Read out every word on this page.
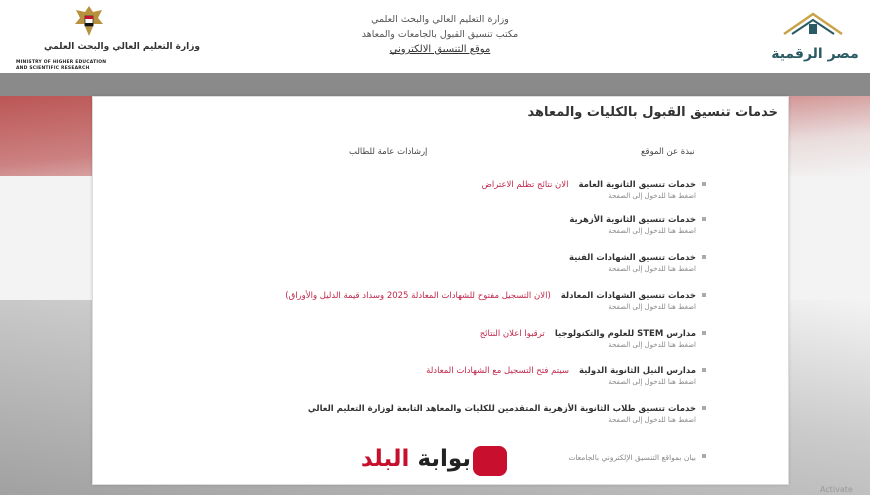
مصر الرقمية
وزارة التعليم العالي والبحث العلمي
مكتب تنسيق القبول بالجامعات والمعاهد
موقع التنسيق الالكتروني
وزارة التعليم العالي والبحث العلمي
MINISTRY OF HIGHER EDUCATION
AND SCIENTIFIC RESEARCH
خدمات تنسيق القبول بالكليات والمعاهد
نبذة عن الموقع
إرشادات عامة للطالب
خدمات تنسيق الثانوية العامةالان نتائج تظلم الاعتراض
اضغط هنا للدخول إلى الصفحة
خدمات تنسيق الثانوية الأزهرية
اضغط هنا للدخول إلى الصفحة
خدمات تنسيق الشهادات الفنية
اضغط هنا للدخول إلى الصفحة
خدمات تنسيق الشهادات المعادلة(الان التسجيل مفتوح للشهادات المعادلة 2025 وسداد قيمة الدليل والأوراق)
اضغط هنا للدخول إلى الصفحة
مدارس STEM للعلوم والتكنولوجياترقبوا اعلان النتائج
اضغط هنا للدخول إلى الصفحة
مدارس النيل الثانوية الدوليةسيتم فتح التسجيل مع الشهادات المعادلة
اضغط هنا للدخول إلى الصفحة
خدمات تنسيق طلاب الثانوية الأزهرية المتقدمين للكليات والمعاهد التابعة لوزارة التعليم العالي
اضغط هنا للدخول إلى الصفحة
بيان بمواقع التنسيق الإلكتروني بالجامعات
بوابة البلد
Activate
